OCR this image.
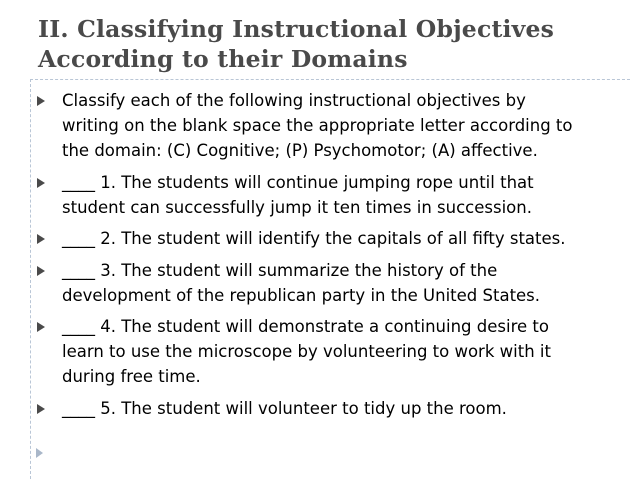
II. Classifying Instructional Objectives
According to their Domains
Classify each of the following instructional objectives by
writing on the blank space the appropriate letter according to
the domain: (C) Cognitive; (P) Psychomotor; (A) affective.
____ 1. The students will continue jumping rope until that
student can successfully jump it ten times in succession.
____ 2. The student will identify the capitals of all fifty states.
____ 3. The student will summarize the history of the
development of the republican party in the United States.
____ 4. The student will demonstrate a continuing desire to
learn to use the microscope by volunteering to work with it
during free time.
____ 5. The student will volunteer to tidy up the room.
